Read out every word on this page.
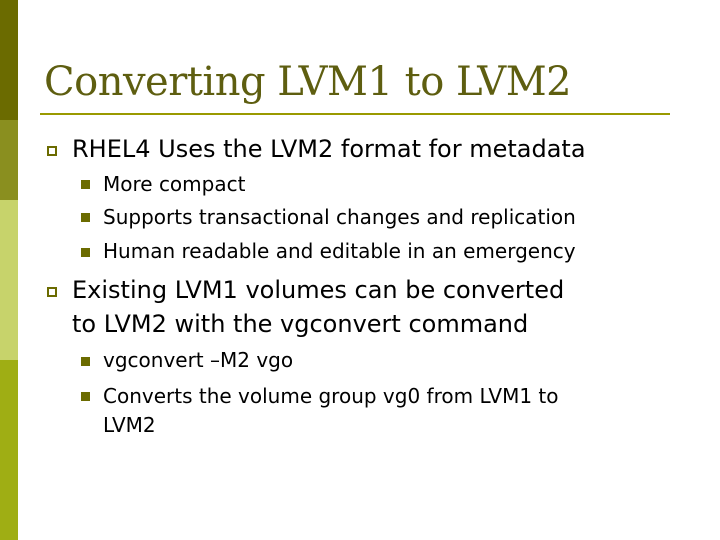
Converting LVM1 to LVM2
RHEL4 Uses the LVM2 format for metadata
More compact
Supports transactional changes and replication
Human readable and editable in an emergency
Existing LVM1 volumes can be converted
to LVM2 with the vgconvert command
vgconvert –M2 vgo
Converts the volume group vg0 from LVM1 to
LVM2
